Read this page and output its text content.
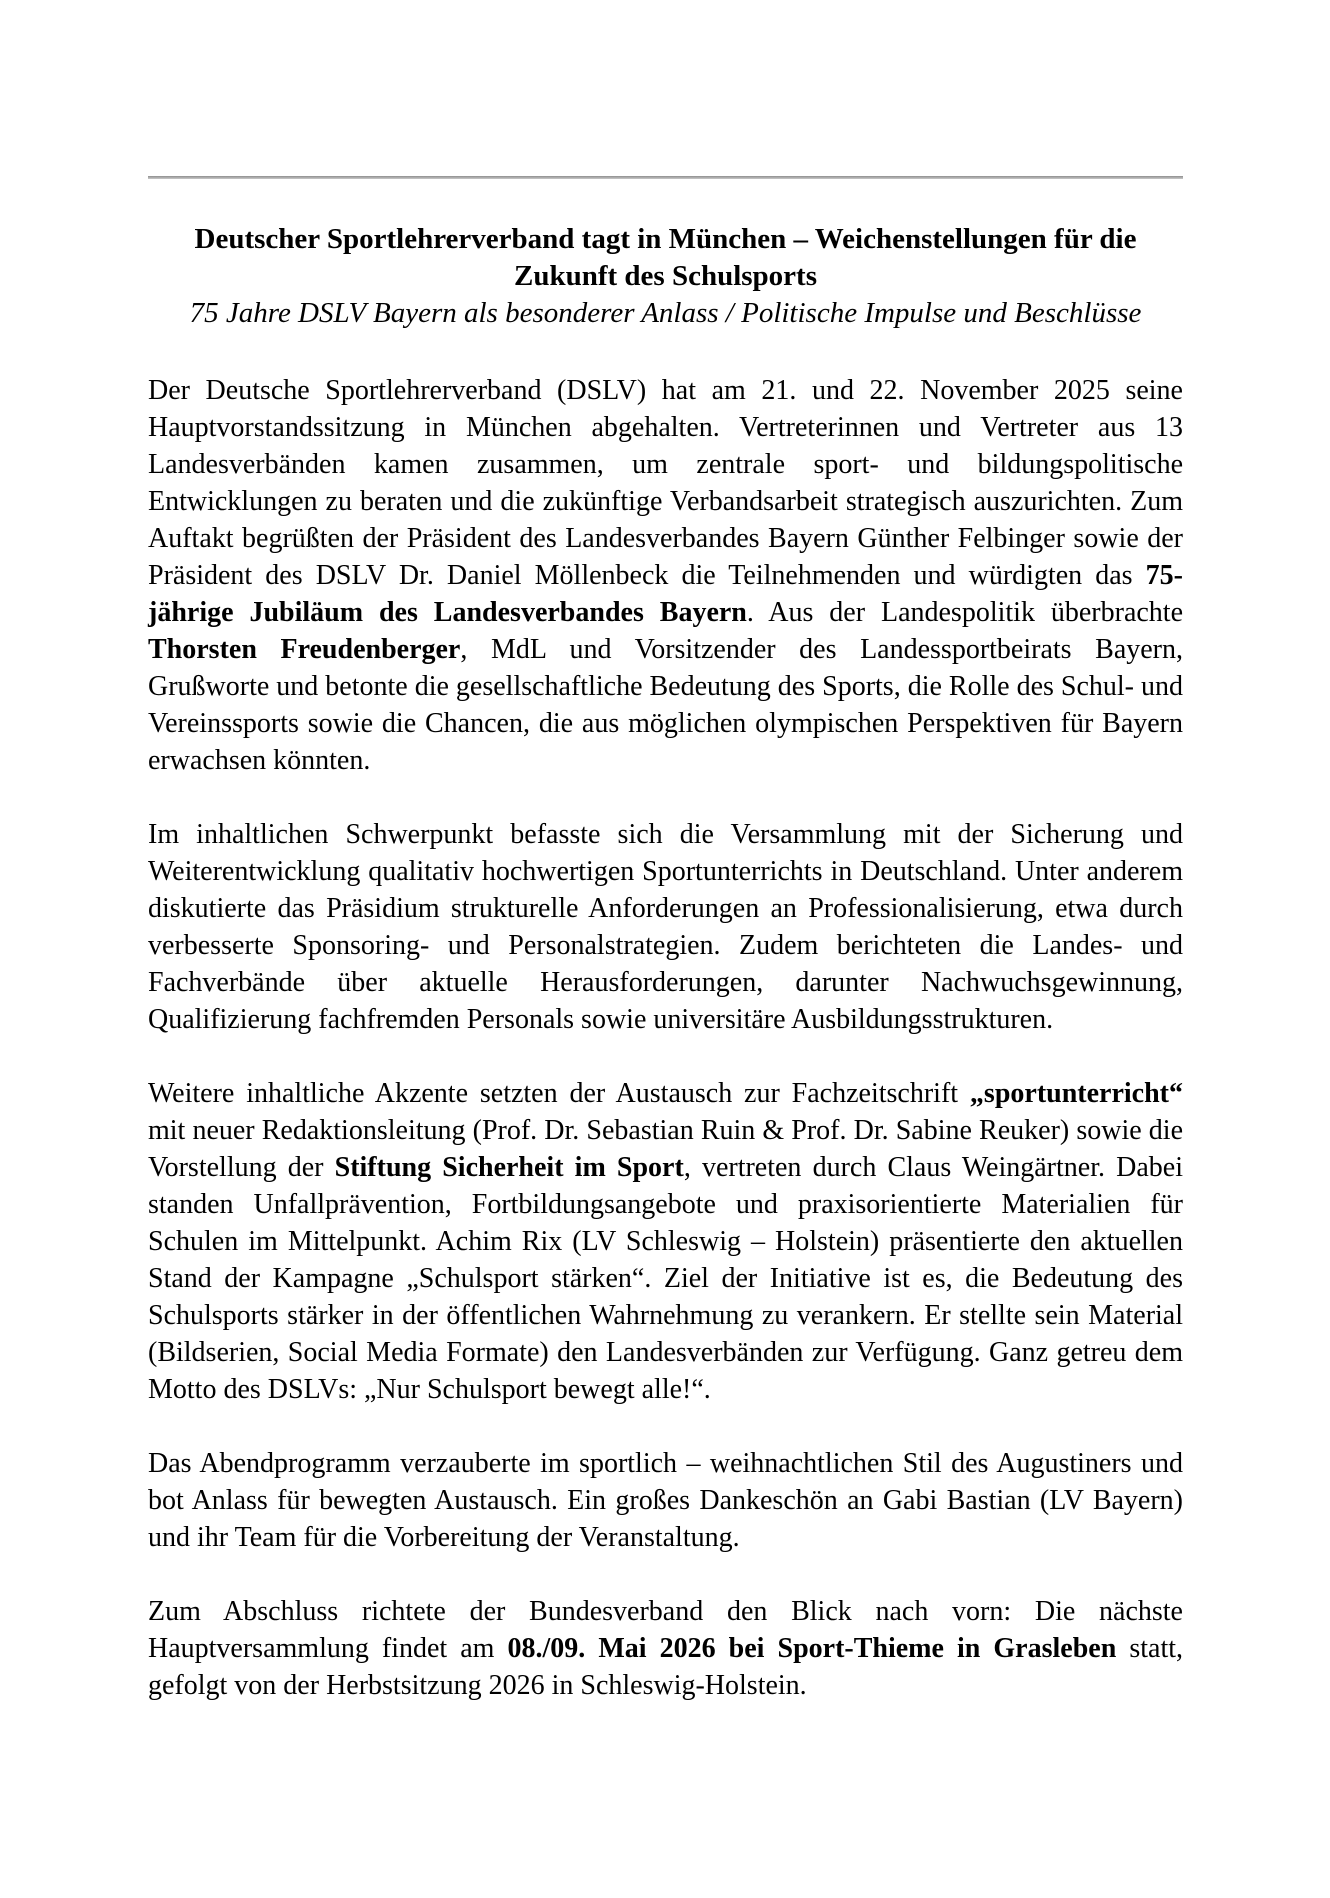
Deutscher Sportlehrerverband tagt in München – Weichenstellungen für die Zukunft des Schulsports
75 Jahre DSLV Bayern als besonderer Anlass / Politische Impulse und Beschlüsse

Der Deutsche Sportlehrerverband (DSLV) hat am 21. und 22. November 2025 seine Hauptvorstandssitzung in München abgehalten. Vertreterinnen und Vertreter aus 13 Landesverbänden kamen zusammen, um zentrale sport- und bildungspolitische Entwicklungen zu beraten und die zukünftige Verbandsarbeit strategisch auszurichten. Zum Auftakt begrüßten der Präsident des Landesverbandes Bayern Günther Felbinger sowie der Präsident des DSLV Dr. Daniel Möllenbeck die Teilnehmenden und würdigten das 75-jährige Jubiläum des Landesverbandes Bayern. Aus der Landespolitik überbrachte Thorsten Freudenberger, MdL und Vorsitzender des Landessportbeirats Bayern, Grußworte und betonte die gesellschaftliche Bedeutung des Sports, die Rolle des Schul- und Vereinssports sowie die Chancen, die aus möglichen olympischen Perspektiven für Bayern erwachsen könnten.

Im inhaltlichen Schwerpunkt befasste sich die Versammlung mit der Sicherung und Weiterentwicklung qualitativ hochwertigen Sportunterrichts in Deutschland. Unter anderem diskutierte das Präsidium strukturelle Anforderungen an Professionalisierung, etwa durch verbesserte Sponsoring- und Personalstrategien. Zudem berichteten die Landes- und Fachverbände über aktuelle Herausforderungen, darunter Nachwuchsgewinnung, Qualifizierung fachfremden Personals sowie universitäre Ausbildungsstrukturen.

Weitere inhaltliche Akzente setzten der Austausch zur Fachzeitschrift „sportunterricht“ mit neuer Redaktionsleitung (Prof. Dr. Sebastian Ruin & Prof. Dr. Sabine Reuker) sowie die Vorstellung der Stiftung Sicherheit im Sport, vertreten durch Claus Weingärtner. Dabei standen Unfallprävention, Fortbildungsangebote und praxisorientierte Materialien für Schulen im Mittelpunkt. Achim Rix (LV Schleswig – Holstein) präsentierte den aktuellen Stand der Kampagne „Schulsport stärken“. Ziel der Initiative ist es, die Bedeutung des Schulsports stärker in der öffentlichen Wahrnehmung zu verankern. Er stellte sein Material (Bildserien, Social Media Formate) den Landesverbänden zur Verfügung. Ganz getreu dem Motto des DSLVs: „Nur Schulsport bewegt alle!“.

Das Abendprogramm verzauberte im sportlich – weihnachtlichen Stil des Augustiners und bot Anlass für bewegten Austausch. Ein großes Dankeschön an Gabi Bastian (LV Bayern) und ihr Team für die Vorbereitung der Veranstaltung.

Zum Abschluss richtete der Bundesverband den Blick nach vorn: Die nächste Hauptversammlung findet am 08./09. Mai 2026 bei Sport-Thieme in Grasleben statt, gefolgt von der Herbstsitzung 2026 in Schleswig-Holstein.
